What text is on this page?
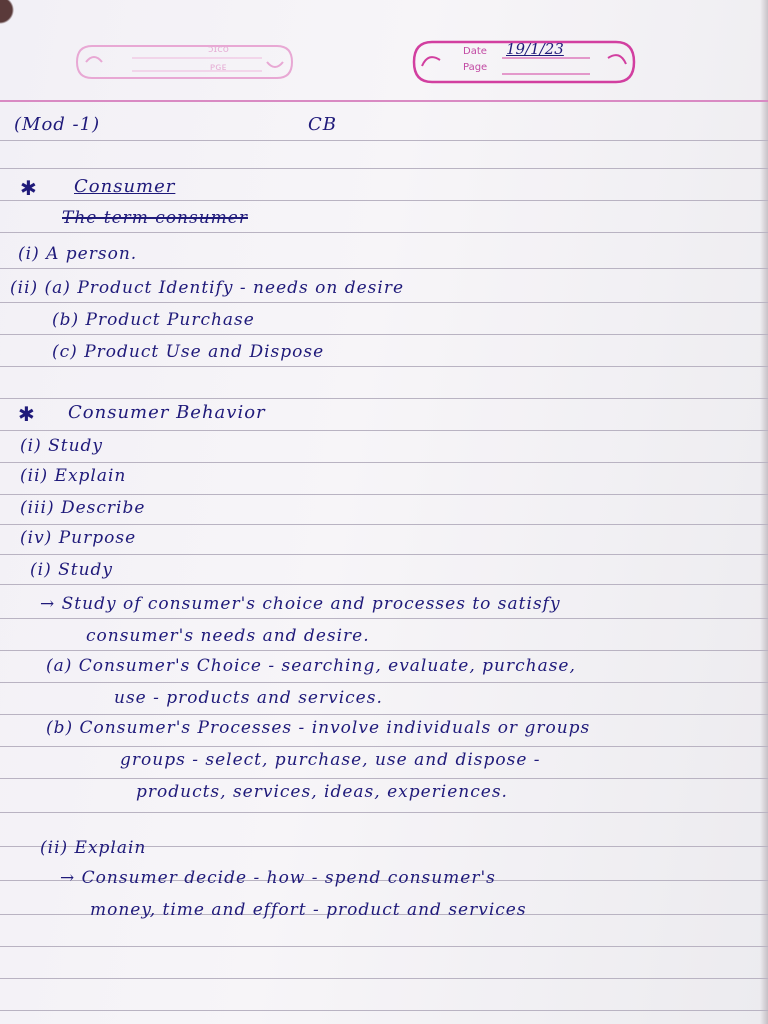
ɔɪᴄᴏ
ᴘɢᴇ
Date
Page
19/1/23
(Mod -1)	CB
✱ Consumer
The term consumer
(i) A person.
(ii) (a) Product Identify - needs on desire
(b) Product Purchase
(c) Product Use and Dispose
✱ Consumer Behavior
(i) Study
(ii) Explain
(iii) Describe
(iv) Purpose
(i) Study
→ Study of consumer's choice and processes to satisfy
consumer's needs and desire.
(a) Consumer's Choice - searching, evaluate, purchase,
use - products and services.
(b) Consumer's Processes - involve individuals or groups
groups - select, purchase, use and dispose -
products, services, ideas, experiences.
(ii) Explain
→ Consumer decide - how - spend consumer's
money, time and effort - product and services
